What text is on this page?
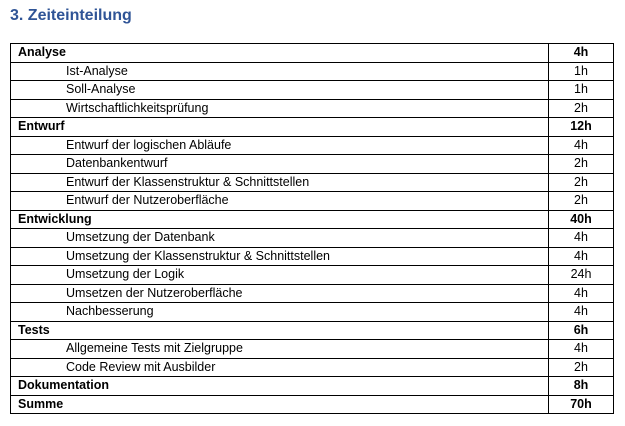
3. Zeiteinteilung
Analyse	4h
Ist-Analyse	1h
Soll-Analyse	1h
Wirtschaftlichkeitsprüfung	2h
Entwurf	12h
Entwurf der logischen Abläufe	4h
Datenbankentwurf	2h
Entwurf der Klassenstruktur & Schnittstellen	2h
Entwurf der Nutzeroberfläche	2h
Entwicklung	40h
Umsetzung der Datenbank	4h
Umsetzung der Klassenstruktur & Schnittstellen	4h
Umsetzung der Logik	24h
Umsetzen der Nutzeroberfläche	4h
Nachbesserung	4h
Tests	6h
Allgemeine Tests mit Zielgruppe	4h
Code Review mit Ausbilder	2h
Dokumentation	8h
Summe	70h
